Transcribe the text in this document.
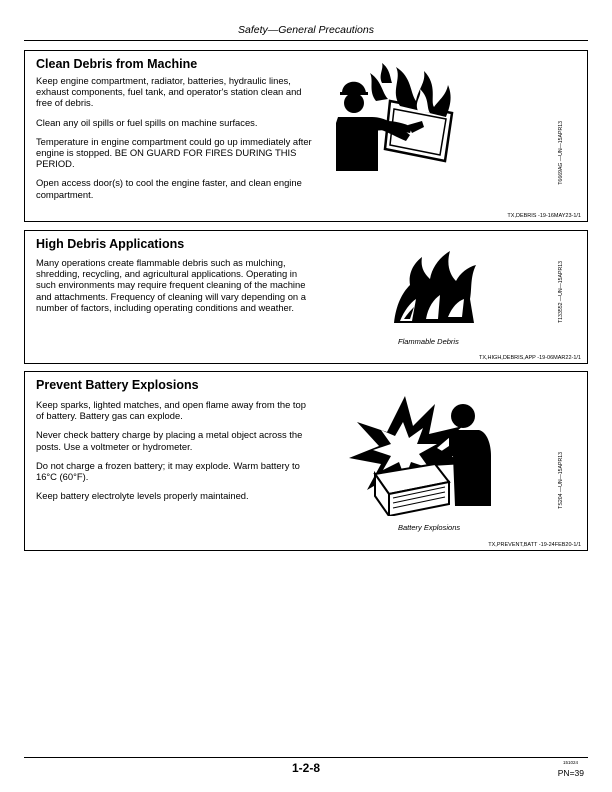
Safety—General Precautions
Clean Debris from Machine

Keep engine compartment, radiator, batteries, hydraulic lines, exhaust components, fuel tank, and operator's station clean and free of debris.

Clean any oil spills or fuel spills on machine surfaces.

Temperature in engine compartment could go up immediately after engine is stopped. BE ON GUARD FOR FIRES DURING THIS PERIOD.

Open access door(s) to cool the engine faster, and clean engine compartment.

T6669AG —UN—15APR13
TX,DEBRIS -19-16MAY23-1/1
High Debris Applications

Many operations create flammable debris such as mulching, shredding, recycling, and agricultural applications. Operating in such environments may require frequent cleaning of the machine and attachments. Frequency of cleaning will vary depending on a number of factors, including operating conditions and weather.	T133552 —UN—15APR13
Flammable Debris
TX,HIGH,DEBRIS,APP -19-06MAR22-1/1
Prevent Battery Explosions

Keep sparks, lighted matches, and open flame away from the top of battery. Battery gas can explode.

Never check battery charge by placing a metal object across the posts. Use a voltmeter or hydrometer.

Do not charge a frozen battery; it may explode. Warm battery to 16°C (60°F).

Keep battery electrolyte levels properly maintained.	TS204 —UN—15APR13
Battery Explosions
TX,PREVENT,BATT -19-24FEB20-1/1
1-2-8	151024
PN=39
